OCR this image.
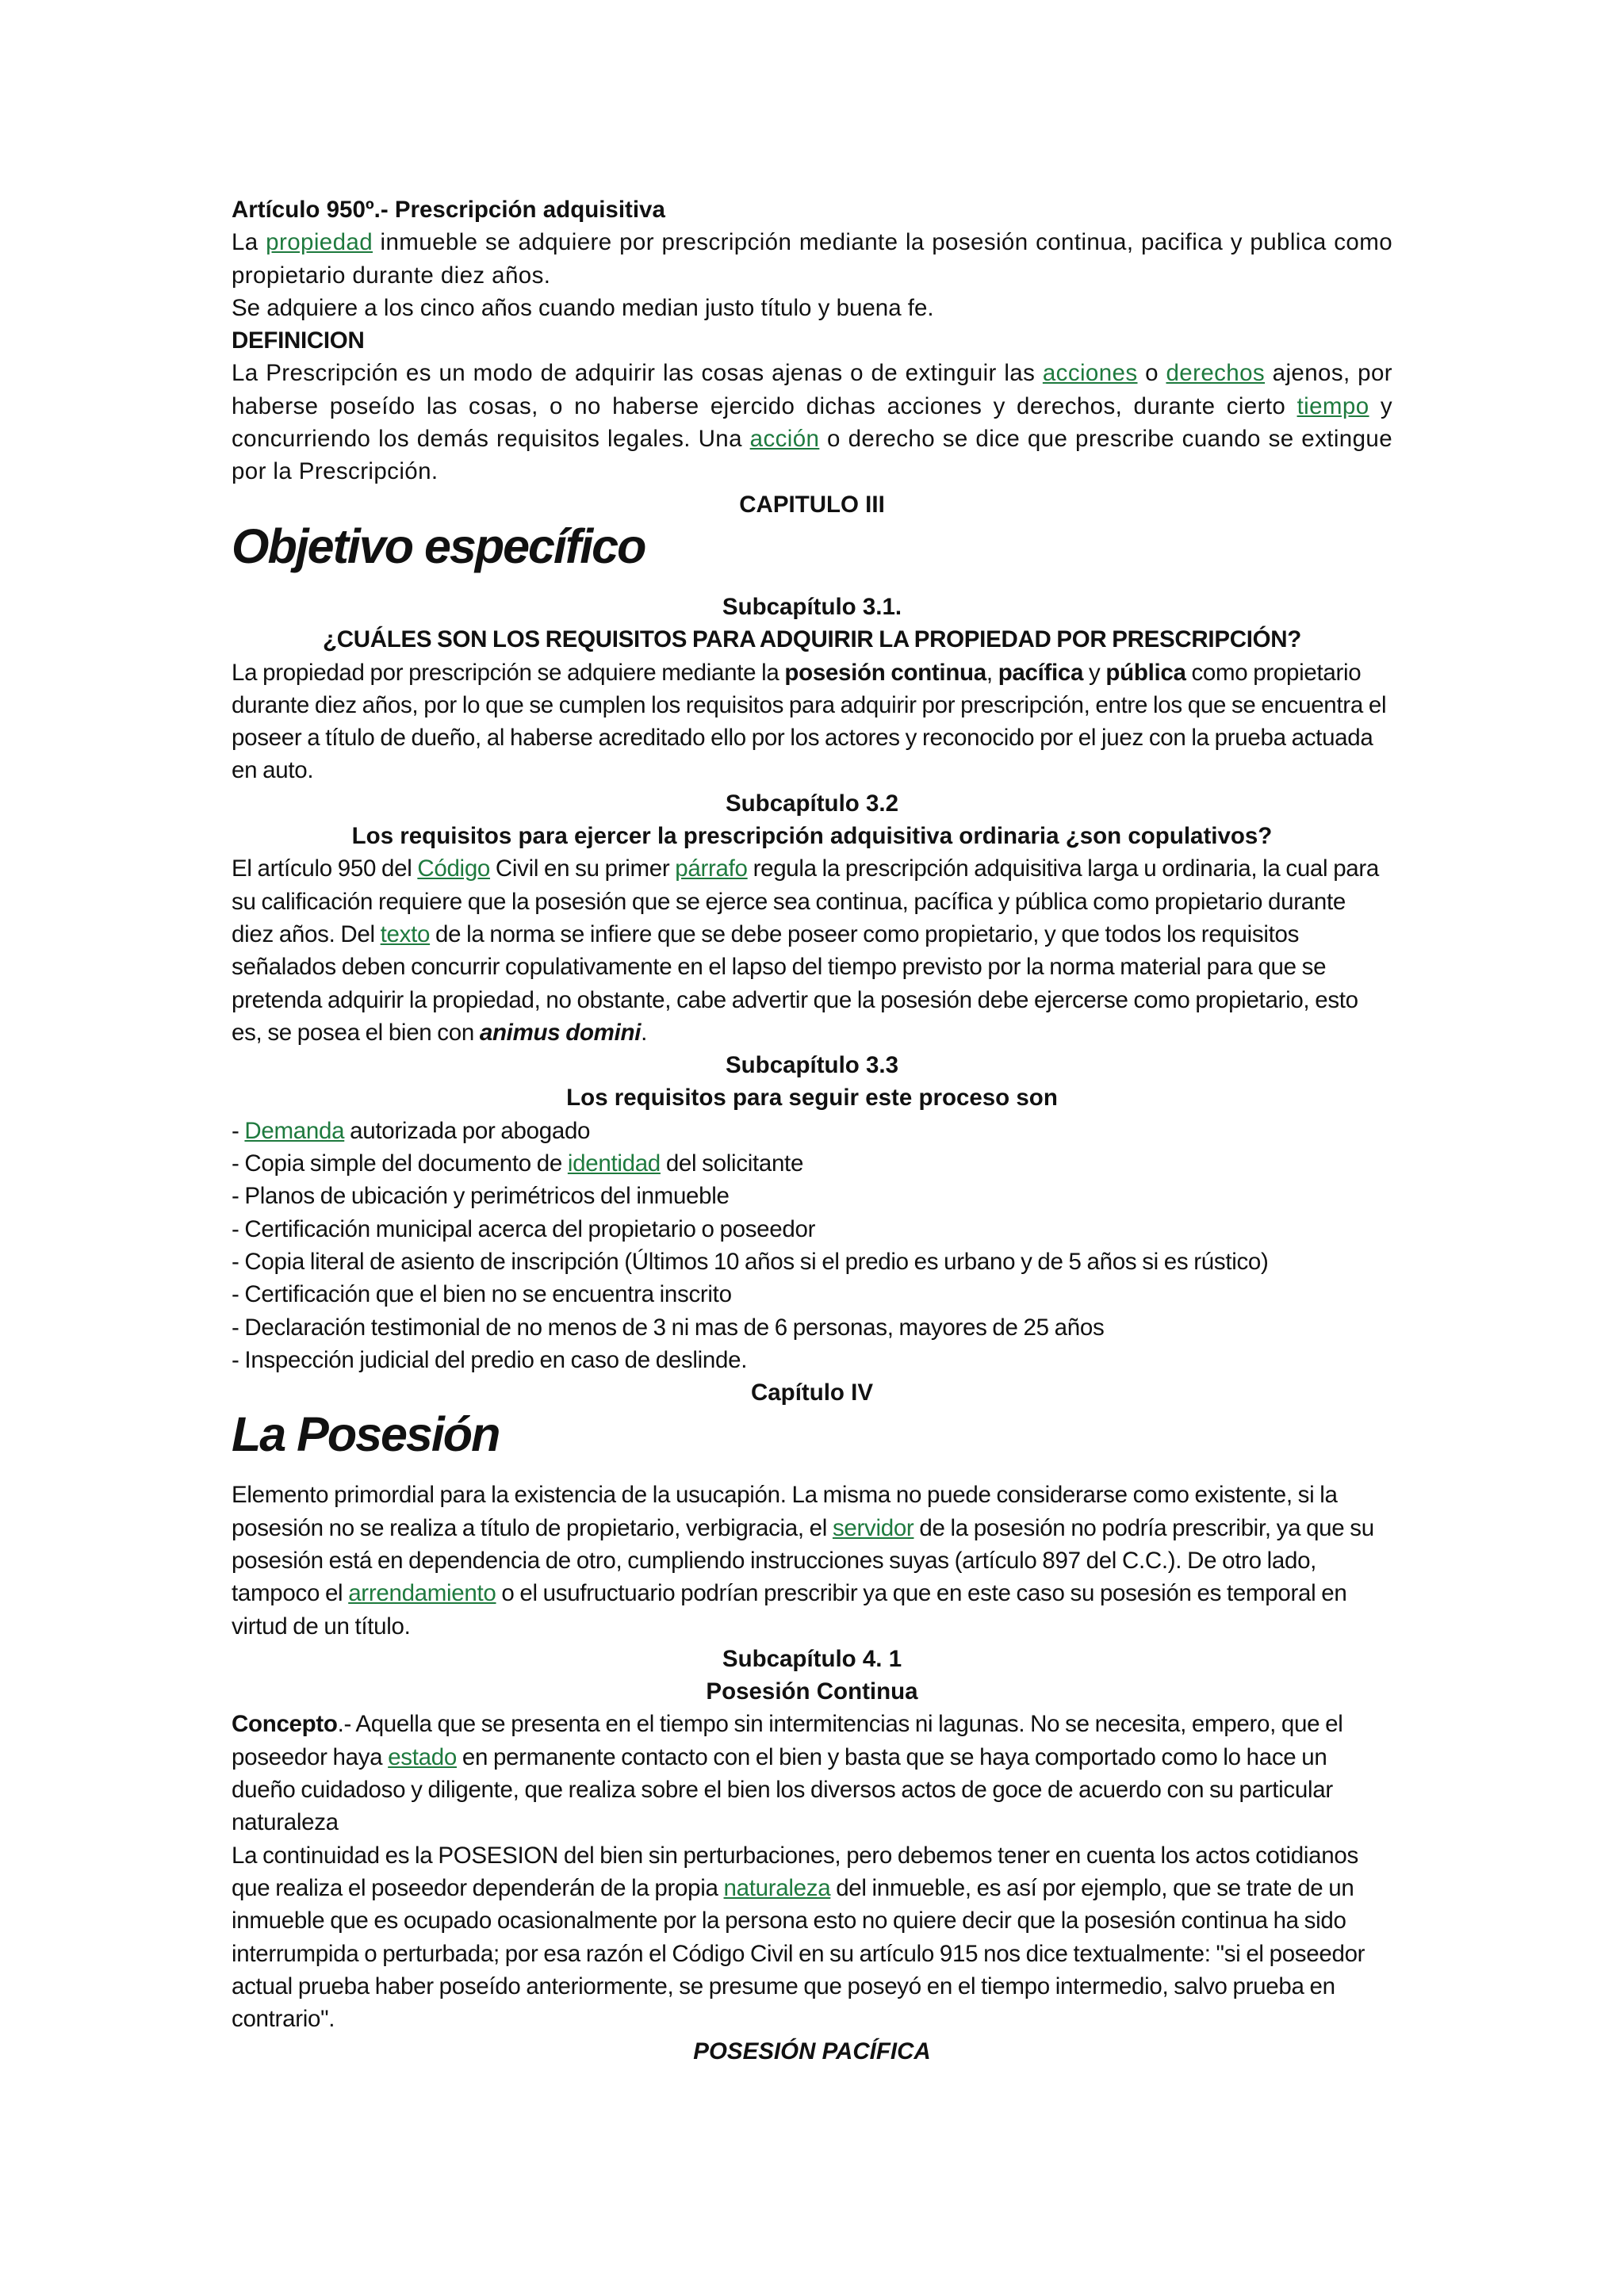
Artículo 950º.- Prescripción adquisitiva

La propiedad inmueble se adquiere por prescripción mediante la posesión continua, pacifica y publica como propietario durante diez años.

Se adquiere a los cinco años cuando median justo título y buena fe.

DEFINICION

La Prescripción es un modo de adquirir las cosas ajenas o de extinguir las acciones o derechos ajenos, por haberse poseído las cosas, o no haberse ejercido dichas acciones y derechos, durante cierto tiempo y concurriendo los demás requisitos legales. Una acción o derecho se dice que prescribe cuando se extingue por la Prescripción.

CAPITULO III

Objetivo específico

Subcapítulo 3.1.

¿CUÁLES SON LOS REQUISITOS PARA ADQUIRIR LA PROPIEDAD POR PRESCRIPCIÓN?

La propiedad por prescripción se adquiere mediante la posesión continua, pacífica y pública como propietario durante diez años, por lo que se cumplen los requisitos para adquirir por prescripción, entre los que se encuentra el poseer a título de dueño, al haberse acreditado ello por los actores y reconocido por el juez con la prueba actuada en auto.

Subcapítulo 3.2

Los requisitos para ejercer la prescripción adquisitiva ordinaria ¿son copulativos?

El artículo 950 del Código Civil en su primer párrafo regula la prescripción adquisitiva larga u ordinaria, la cual para su calificación requiere que la posesión que se ejerce sea continua, pacífica y pública como propietario durante diez años. Del texto de la norma se infiere que se debe poseer como propietario, y que todos los requisitos señalados deben concurrir copulativamente en el lapso del tiempo previsto por la norma material para que se pretenda adquirir la propiedad, no obstante, cabe advertir que la posesión debe ejercerse como propietario, esto es, se posea el bien con animus domini.

Subcapítulo 3.3

Los requisitos para seguir este proceso son

- Demanda autorizada por abogado

- Copia simple del documento de identidad del solicitante

- Planos de ubicación y perimétricos del inmueble

- Certificación municipal acerca del propietario o poseedor

- Copia literal de asiento de inscripción (Últimos 10 años si el predio es urbano y de 5 años si es rústico)

- Certificación que el bien no se encuentra inscrito

- Declaración testimonial de no menos de 3 ni mas de 6 personas, mayores de 25 años

- Inspección judicial del predio en caso de deslinde.

Capítulo IV

La Posesión

Elemento primordial para la existencia de la usucapión. La misma no puede considerarse como existente, si la posesión no se realiza a título de propietario, verbigracia, el servidor de la posesión no podría prescribir, ya que su posesión está en dependencia de otro, cumpliendo instrucciones suyas (artículo 897 del C.C.). De otro lado, tampoco el arrendamiento o el usufructuario podrían prescribir ya que en este caso su posesión es temporal en virtud de un título.

Subcapítulo 4. 1

Posesión Continua

Concepto.- Aquella que se presenta en el tiempo sin intermitencias ni lagunas. No se necesita, empero, que el poseedor haya estado en permanente contacto con el bien y basta que se haya comportado como lo hace un dueño cuidadoso y diligente, que realiza sobre el bien los diversos actos de goce de acuerdo con su particular naturaleza

La continuidad es la POSESION del bien sin perturbaciones, pero debemos tener en cuenta los actos cotidianos que realiza el poseedor dependerán de la propia naturaleza del inmueble, es así por ejemplo, que se trate de un inmueble que es ocupado ocasionalmente por la persona esto no quiere decir que la posesión continua ha sido interrumpida o perturbada; por esa razón el Código Civil en su artículo 915 nos dice textualmente: "si el poseedor actual prueba haber poseído anteriormente, se presume que poseyó en el tiempo intermedio, salvo prueba en contrario".

POSESIÓN PACÍFICA
